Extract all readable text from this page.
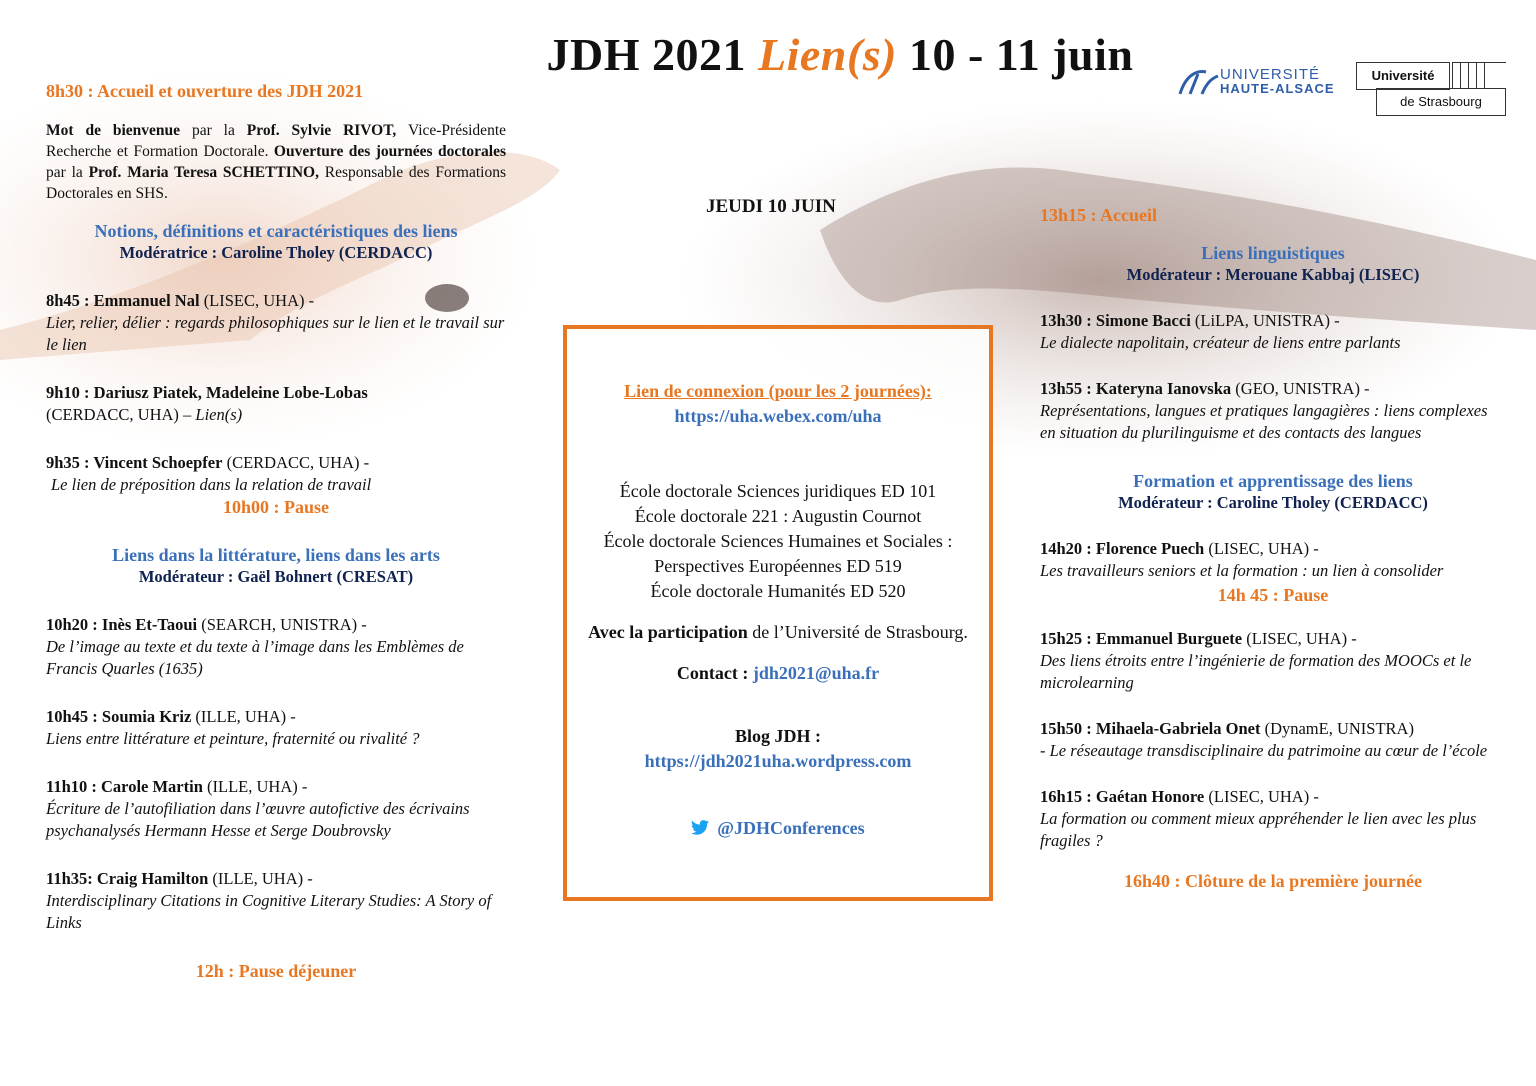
JDH 2021 Lien(s) 10 - 11 juin	UNIVERSITÉ
HAUTE-ALSACE
Université
de Strasbourg
8h30 : Accueil et ouverture des JDH 2021
Mot de bienvenue par la Prof. Sylvie RIVOT, Vice-Présidente Recherche et Formation Doctorale. Ouverture des journées doctorales par la Prof. Maria Teresa SCHETTINO, Responsable des Formations Doctorales en SHS.
Notions, définitions et caractéristiques des liens
Modératrice : Caroline Tholey (CERDACC)
8h45 : Emmanuel Nal (LISEC, UHA) -
Lier, relier, délier : regards philosophiques sur le lien et le travail sur le lien
9h10 : Dariusz Piatek, Madeleine Lobe-Lobas
(CERDACC, UHA) – Lien(s)
9h35 : Vincent Schoepfer (CERDACC, UHA) -
Le lien de préposition dans la relation de travail
10h00 : Pause
Liens dans la littérature, liens dans les arts
Modérateur : Gaël Bohnert (CRESAT)
10h20 : Inès Et-Taoui (SEARCH, UNISTRA) -
De l’image au texte et du texte à l’image dans les Emblèmes de Francis Quarles (1635)
10h45 : Soumia Kriz (ILLE, UHA) -
Liens entre littérature et peinture, fraternité ou rivalité ?
11h10 : Carole Martin (ILLE, UHA) -
Écriture de l’autofiliation dans l’œuvre autofictive des écrivains psychanalysés Hermann Hesse et Serge Doubrovsky
11h35: Craig Hamilton (ILLE, UHA) -
Interdisciplinary Citations in Cognitive Literary Studies: A Story of Links
12h : Pause déjeuner
JEUDI 10 JUIN
Lien de connexion (pour les 2 journées):
https://uha.webex.com/uha
École doctorale Sciences juridiques ED 101
École doctorale 221 : Augustin Cournot
École doctorale Sciences Humaines et Sociales :
Perspectives Européennes ED 519
École doctorale Humanités ED 520
Avec la participation de l’Université de Strasbourg.
Contact : jdh2021@uha.fr
Blog JDH :
https://jdh2021uha.wordpress.com
@JDHConferences
13h15 : Accueil
Liens linguistiques
Modérateur : Merouane Kabbaj (LISEC)
13h30 : Simone Bacci (LiLPA, UNISTRA) -
Le dialecte napolitain, créateur de liens entre parlants
13h55 : Kateryna Ianovska (GEO, UNISTRA) -
Représentations, langues et pratiques langagières : liens complexes en situation du plurilinguisme et des contacts des langues
Formation et apprentissage des liens
Modérateur : Caroline Tholey (CERDACC)
14h20 : Florence Puech (LISEC, UHA) -
Les travailleurs seniors et la formation : un lien à consolider
14h 45 : Pause
15h25 : Emmanuel Burguete (LISEC, UHA) -
Des liens étroits entre l’ingénierie de formation des MOOCs et le microlearning
15h50 : Mihaela-Gabriela Onet (DynamE, UNISTRA)
- Le réseautage transdisciplinaire du patrimoine au cœur de l’école
16h15 : Gaétan Honore (LISEC, UHA) -
La formation ou comment mieux appréhender le lien avec les plus fragiles ?
16h40 : Clôture de la première journée
